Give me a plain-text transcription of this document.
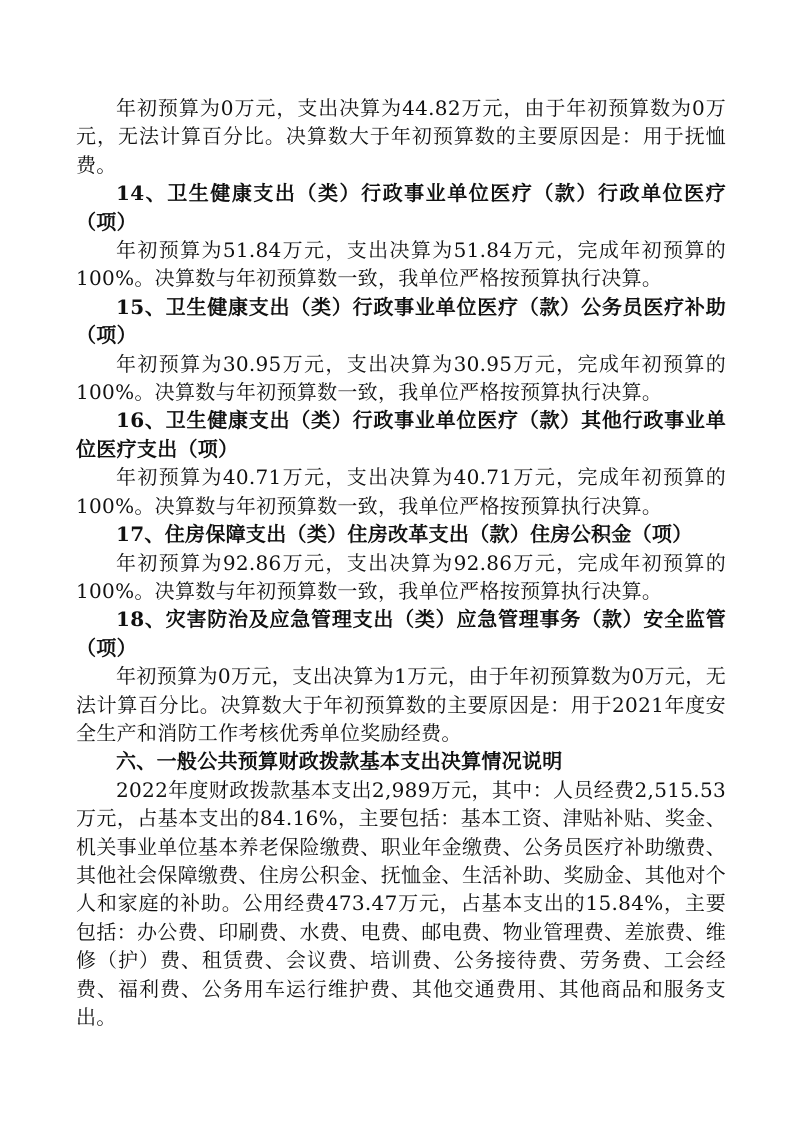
年初预算为0万元，支出决算为44.82万元，由于年初预算数为0万元，无法计算百分比。决算数大于年初预算数的主要原因是：用于抚恤费。

14、卫生健康支出（类）行政事业单位医疗（款）行政单位医疗（项）

年初预算为51.84万元，支出决算为51.84万元，完成年初预算的100%。决算数与年初预算数一致，我单位严格按预算执行决算。

15、卫生健康支出（类）行政事业单位医疗（款）公务员医疗补助（项）

年初预算为30.95万元，支出决算为30.95万元，完成年初预算的100%。决算数与年初预算数一致，我单位严格按预算执行决算。

16、卫生健康支出（类）行政事业单位医疗（款）其他行政事业单位医疗支出（项）

年初预算为40.71万元，支出决算为40.71万元，完成年初预算的100%。决算数与年初预算数一致，我单位严格按预算执行决算。

17、住房保障支出（类）住房改革支出（款）住房公积金（项）

年初预算为92.86万元，支出决算为92.86万元，完成年初预算的100%。决算数与年初预算数一致，我单位严格按预算执行决算。

18、灾害防治及应急管理支出（类）应急管理事务（款）安全监管（项）

年初预算为0万元，支出决算为1万元，由于年初预算数为0万元，无法计算百分比。决算数大于年初预算数的主要原因是：用于2021年度安全生产和消防工作考核优秀单位奖励经费。

六、一般公共预算财政拨款基本支出决算情况说明

2022年度财政拨款基本支出2,989万元，其中：人员经费2,515.53万元，占基本支出的84.16%，主要包括：基本工资、津贴补贴、奖金、机关事业单位基本养老保险缴费、职业年金缴费、公务员医疗补助缴费、其他社会保障缴费、住房公积金、抚恤金、生活补助、奖励金、其他对个人和家庭的补助。公用经费473.47万元，占基本支出的15.84%，主要包括：办公费、印刷费、水费、电费、邮电费、物业管理费、差旅费、维修（护）费、租赁费、会议费、培训费、公务接待费、劳务费、工会经费、福利费、公务用车运行维护费、其他交通费用、其他商品和服务支出。
